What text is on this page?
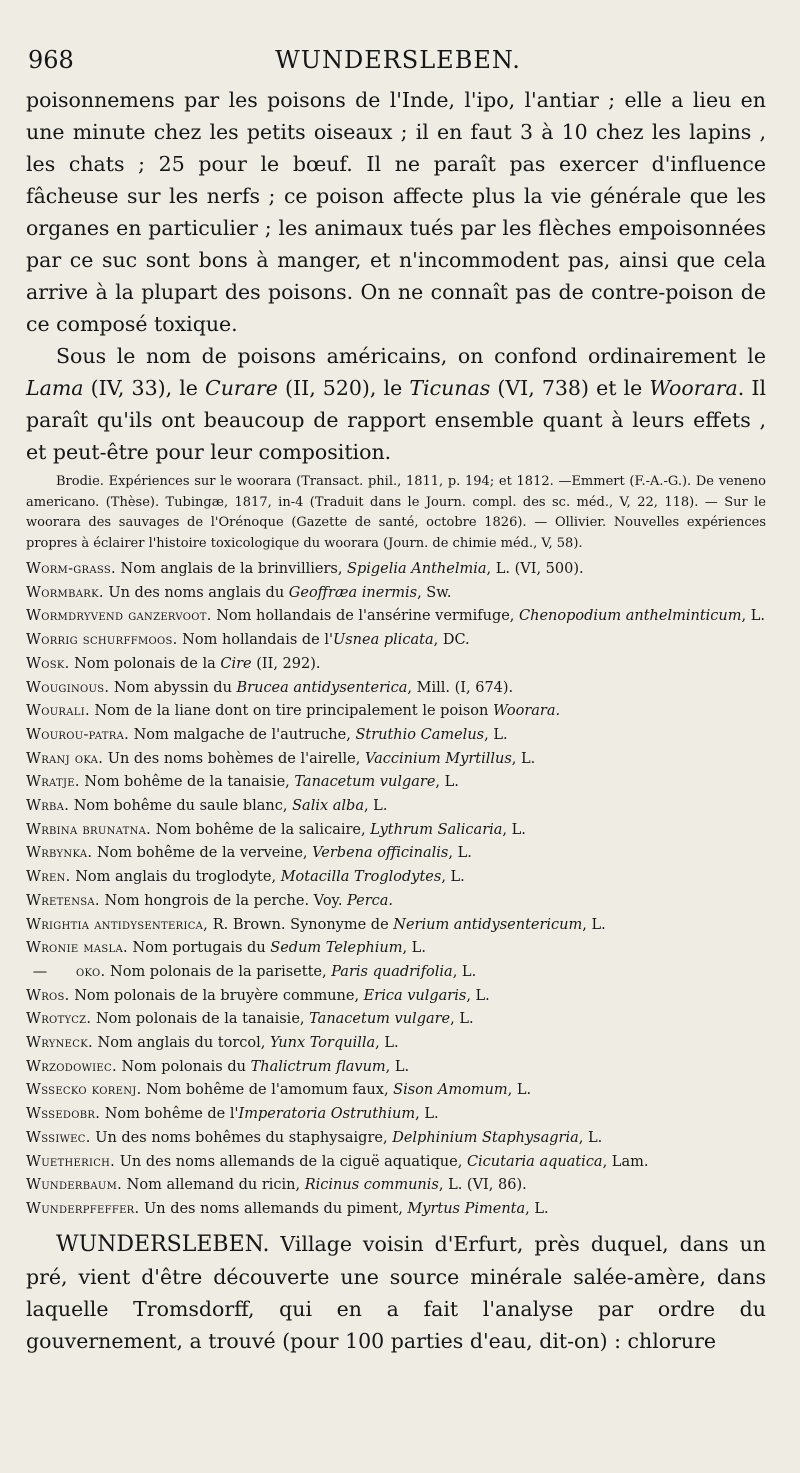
968	WUNDERSLEBEN.

poisonnemens par les poisons de l'Inde, l'ipo, l'antiar ; elle a lieu en une minute chez les petits oiseaux ; il en faut 3 à 10 chez les lapins , les chats ; 25 pour le bœuf. Il ne paraît pas exercer d'influence fâcheuse sur les nerfs ; ce poison affecte plus la vie générale que les organes en particulier ; les animaux tués par les flèches empoisonnées par ce suc sont bons à manger, et n'incommodent pas, ainsi que cela arrive à la plupart des poisons. On ne connaît pas de contre-poison de ce composé toxique.

Sous le nom de poisons américains, on confond ordinairement le Lama (IV, 33), le Curare (II, 520), le Ticunas (VI, 738) et le Woorara. Il paraît qu'ils ont beaucoup de rapport ensemble quant à leurs effets , et peut-être pour leur composition.

Brodie. Expériences sur le woorara (Transact. phil., 1811, p. 194; et 1812. —Emmert (F.-A.-G.). De veneno americano. (Thèse). Tubingæ, 1817, in-4 (Traduit dans le Journ. compl. des sc. méd., V, 22, 118). — Sur le woorara des sauvages de l'Orénoque (Gazette de santé, octobre 1826). — Ollivier. Nouvelles expériences propres à éclairer l'histoire toxicologique du woorara (Journ. de chimie méd., V, 58).

Worm-grass. Nom anglais de la brinvilliers, Spigelia Anthelmia, L. (VI, 500).

Wormbark. Un des noms anglais du Geoffræa inermis, Sw.

Wormdryvend ganzervoot. Nom hollandais de l'ansérine vermifuge, Chenopodium anthelminticum, L.

Worrig schurffmoos. Nom hollandais de l'Usnea plicata, DC.

Wosk. Nom polonais de la Cire (II, 292).

Wouginous. Nom abyssin du Brucea antidysenterica, Mill. (I, 674).

Wourali. Nom de la liane dont on tire principalement le poison Woorara.

Wourou-patra. Nom malgache de l'autruche, Struthio Camelus, L.

Wranj oka. Un des noms bohèmes de l'airelle, Vaccinium Myrtillus, L.

Wratje. Nom bohême de la tanaisie, Tanacetum vulgare, L.

Wrba. Nom bohême du saule blanc, Salix alba, L.

Wrbina brunatna. Nom bohême de la salicaire, Lythrum Salicaria, L.

Wrbynka. Nom bohême de la verveine, Verbena officinalis, L.

Wren. Nom anglais du troglodyte, Motacilla Troglodytes, L.

Wretensa. Nom hongrois de la perche. Voy. Perca.

Wrightia antidysenterica, R. Brown. Synonyme de Nerium antidysentericum, L.

Wronie masla. Nom portugais du Sedum Telephium, L.

— oko. Nom polonais de la parisette, Paris quadrifolia, L.

Wros. Nom polonais de la bruyère commune, Erica vulgaris, L.

Wrotycz. Nom polonais de la tanaisie, Tanacetum vulgare, L.

Wryneck. Nom anglais du torcol, Yunx Torquilla, L.

Wrzodowiec. Nom polonais du Thalictrum flavum, L.

Wssecko korenj. Nom bohême de l'amomum faux, Sison Amomum, L.

Wssedobr. Nom bohême de l'Imperatoria Ostruthium, L.

Wssiwec. Un des noms bohêmes du staphysaigre, Delphinium Staphysagria, L.

Wuetherich. Un des noms allemands de la ciguë aquatique, Cicutaria aquatica, Lam.

Wunderbaum. Nom allemand du ricin, Ricinus communis, L. (VI, 86).

Wunderpfeffer. Un des noms allemands du piment, Myrtus Pimenta, L.

WUNDERSLEBEN. Village voisin d'Erfurt, près duquel, dans un pré, vient d'être découverte une source minérale salée-amère, dans laquelle Tromsdorff, qui en a fait l'analyse par ordre du gouvernement, a trouvé (pour 100 parties d'eau, dit-on) : chlorure
